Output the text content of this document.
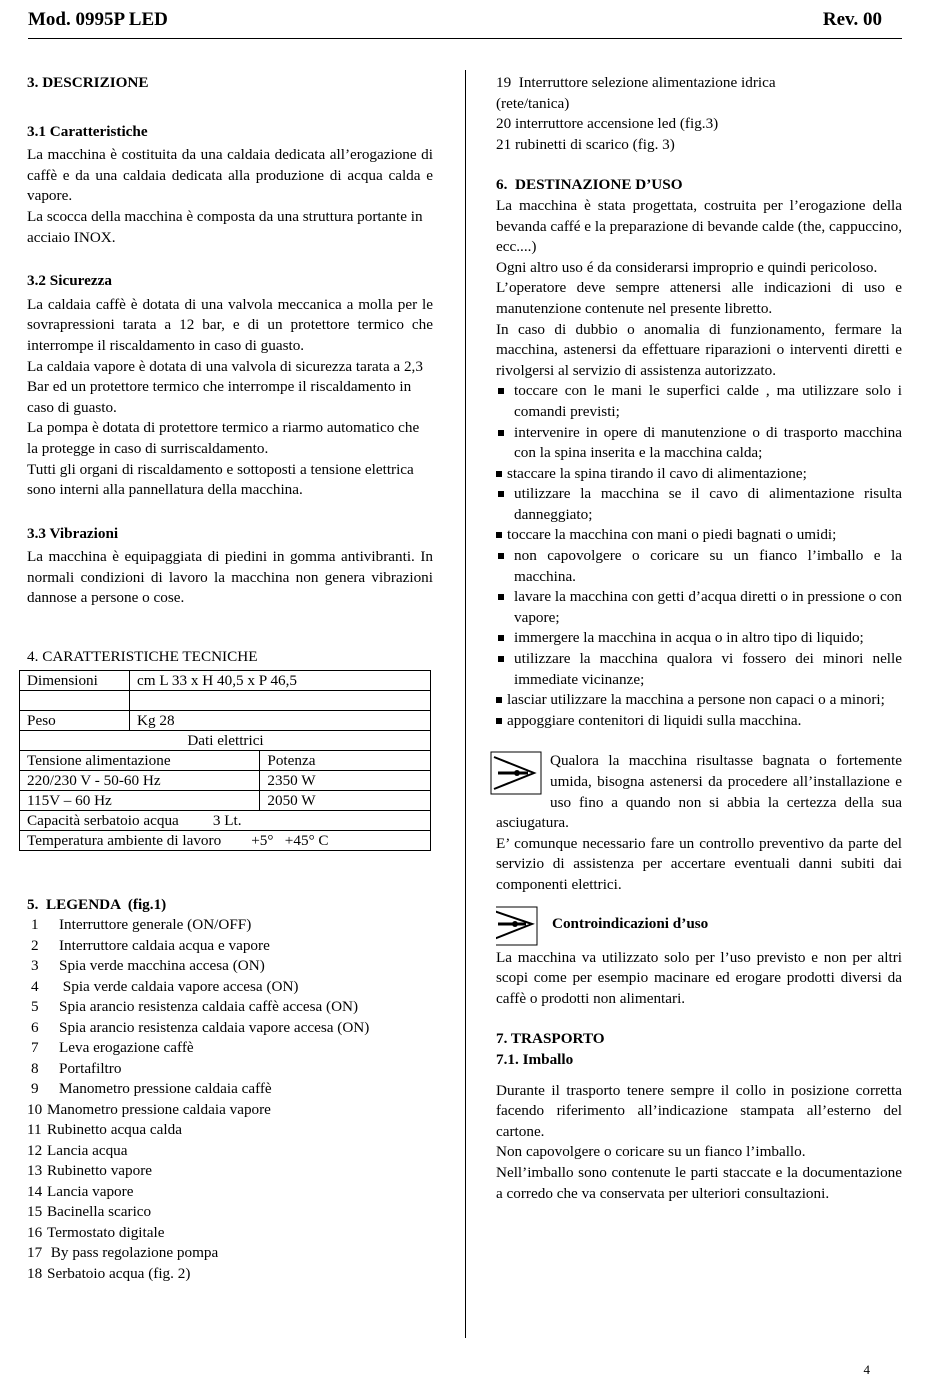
Mod. 0995P LED	Rev. 00

3. DESCRIZIONE

3.1 Caratteristiche

La macchina è costituita da una caldaia dedicata all’erogazione di caffè e da una caldaia dedicata alla produzione di acqua calda e vapore.

La scocca della macchina è composta da una struttura portante in acciaio INOX.

3.2 Sicurezza

La caldaia caffè è dotata di una valvola meccanica a molla per le sovrapressioni tarata a 12 bar, e di un protettore termico che interrompe il riscaldamento in caso di guasto.

La caldaia vapore è dotata di una valvola di sicurezza tarata a 2,3 Bar ed un protettore termico che interrompe il riscaldamento in caso di guasto.

La pompa è dotata di protettore termico a riarmo automatico che la protegge in caso di surriscaldamento.

Tutti gli organi di riscaldamento e sottoposti a tensione elettrica sono interni alla pannellatura della macchina.

3.3 Vibrazioni

La macchina è equipaggiata di piedini in gomma antivibranti. In normali condizioni di lavoro la macchina non genera vibrazioni dannose a persone o cose.

4. CARATTERISTICHE TECNICHE

Dimensioni	cm L 33 x H 40,5 x P 46,5	

Peso	Kg 28	
Dati elettrici		
Tensione alimentazione		Potenza
220/230 V - 50-60 Hz		2350 W
115V – 60 Hz		2050 W
Capacità serbatoio acqua 3 Lt.		
Temperatura ambiente di lavoro +5°   +45° C		

5.  LEGENDA  (fig.1)

1 Interruttore generale (ON/OFF)
2 Interruttore caldaia acqua e vapore
3 Spia verde macchina accesa (ON)
4 Spia verde caldaia vapore accesa (ON)
5 Spia arancio resistenza caldaia caffè accesa (ON)
6 Spia arancio resistenza caldaia vapore accesa (ON)
7 Leva erogazione caffè
8 Portafiltro
9 Manometro pressione caldaia caffè
10 Manometro pressione caldaia vapore
11 Rubinetto acqua calda
12 Lancia acqua
13 Rubinetto vapore
14 Lancia vapore
15 Bacinella scarico
16 Termostato digitale
17 By pass regolazione pompa
18 Serbatoio acqua (fig. 2)

19  Interruttore selezione alimentazione idrica

(rete/tanica)

20 interruttore accensione led (fig.3)

21 rubinetti di scarico (fig. 3)

6.  DESTINAZIONE D’USO

La macchina è stata progettata, costruita per l’erogazione della bevanda caffé e la preparazione di bevande calde (the, cappuccino, ecc....)

Ogni altro uso é da considerarsi improprio e quindi pericoloso.

L’operatore deve sempre attenersi alle indicazioni di uso e manutenzione contenute nel presente libretto.

In caso di dubbio o anomalia di funzionamento, fermare la macchina, astenersi da effettuare riparazioni o interventi diretti e rivolgersi al servizio di assistenza autorizzato.

toccare con le mani le superfici calde , ma utilizzare solo i comandi previsti;
intervenire in opere di manutenzione o di trasporto macchina con la spina inserita e la macchina calda;
staccare la spina tirando il cavo di alimentazione;
utilizzare la macchina se il cavo di alimentazione risulta danneggiato;
toccare la macchina con mani o piedi bagnati o umidi;
non capovolgere o coricare su un fianco l’imballo e la macchina.
lavare la macchina con getti d’acqua diretti o in pressione o con vapore;
immergere la macchina in acqua o in altro tipo di liquido;
utilizzare la macchina qualora vi fossero dei minori nelle immediate vicinanze;
lasciar utilizzare la macchina a persone non capaci o a minori;
appoggiare contenitori di liquidi sulla macchina.

Qualora la macchina risultasse bagnata o fortemente umida, bisogna astenersi da procedere all’installazione e uso fino a quando non si abbia la certezza della sua asciugatura.

E’ comunque necessario fare un controllo preventivo da parte del servizio di assistenza per accertare eventuali danni subiti dai componenti elettrici.

Controindicazioni d’uso

La macchina va utilizzato solo per l’uso previsto e non per altri scopi come per esempio macinare ed erogare prodotti diversi da caffè o prodotti non alimentari.

7. TRASPORTO

7.1. Imballo

Durante il trasporto tenere sempre il collo in posizione corretta facendo riferimento all’indicazione stampata all’esterno del cartone.

Non capovolgere o coricare su un fianco l’imballo.

Nell’imballo sono contenute le parti staccate e la documentazione a corredo che va conservata per ulteriori consultazioni.

4
